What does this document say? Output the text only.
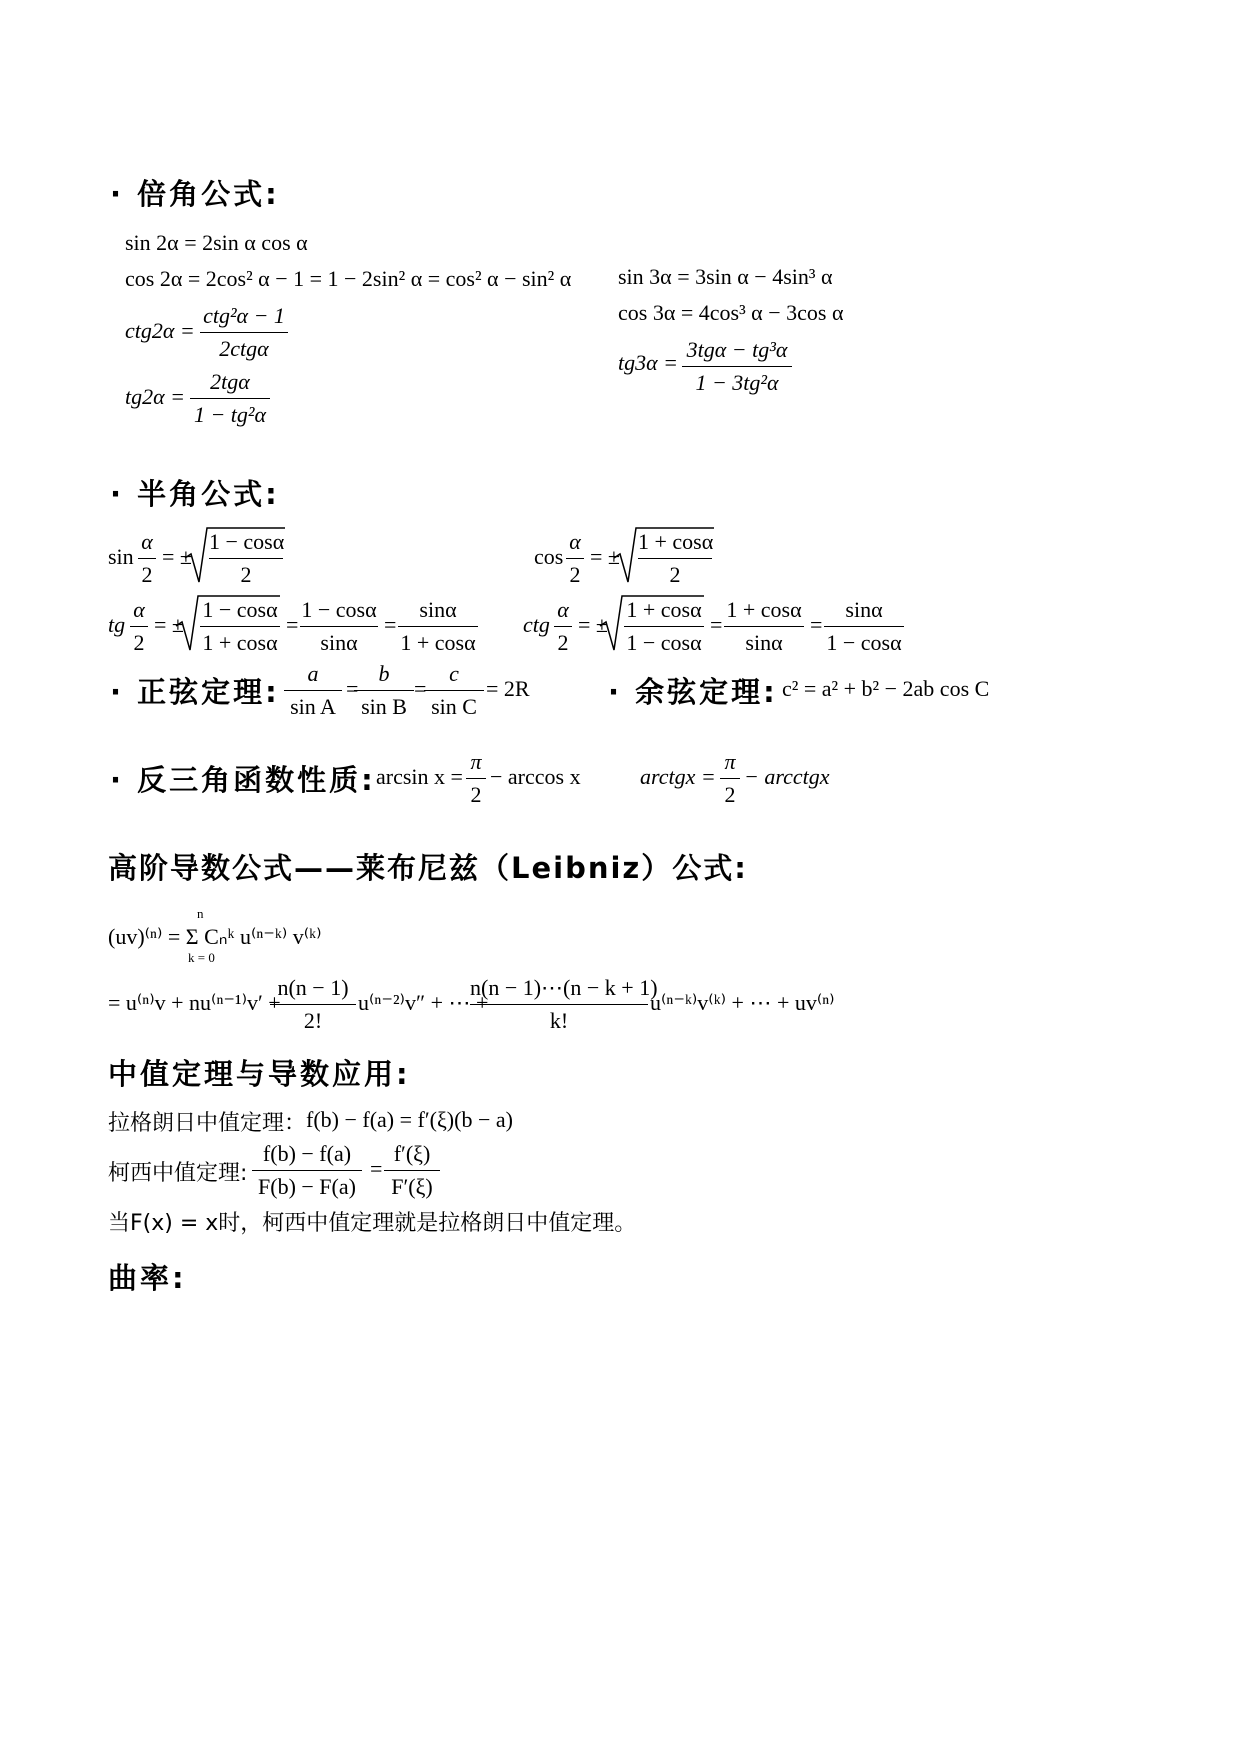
· 倍角公式:
sin 2α = 2sin α cos α
cos 2α = 2cos² α − 1 = 1 − 2sin² α = cos² α − sin² α
ctg2α =
ctg²α − 1
2ctgα
tg2α =
2tgα
1 − tg²α
sin 3α = 3sin α − 4sin³ α
cos 3α = 4cos³ α − 3cos α
tg3α =
3tgα − tg³α
1 − 3tg²α
· 半角公式:
sin
α
2
= ±
1 − cosα
2
cos
α
2
= ±
1 + cosα
2
tg
α
2
= ±
1 − cosα
1 + cosα
=
1 − cosα
sinα
=
sinα
1 + cosα
ctg
α
2
= ±
1 + cosα
1 − cosα
=
1 + cosα
sinα
=
sinα
1 − cosα
· 正弦定理:
a
sin A
=
b
sin B
=
c
sin C
= 2R	· 余弦定理: c² = a² + b² − 2ab cos C
· 反三角函数性质: arcsin x =
π
2
− arccos x	arctgx =
π
2
− arcctgx
高阶导数公式——莱布尼兹（Leibniz）公式:
n
(uv)⁽ⁿ⁾ = Σ Cₙᵏ u⁽ⁿ⁻ᵏ⁾ v⁽ᵏ⁾
k = 0
= u⁽ⁿ⁾v + nu⁽ⁿ⁻¹⁾v′ +
n(n − 1)
2!
u⁽ⁿ⁻²⁾v″ + ⋯ +
n(n − 1)⋯(n − k + 1)
k!
u⁽ⁿ⁻ᵏ⁾v⁽ᵏ⁾ + ⋯ + uv⁽ⁿ⁾
中值定理与导数应用:
拉格朗日中值定理： f(b) − f(a) = f′(ξ)(b − a)
柯西中值定理:
f(b) − f(a)
F(b) − F(a)
=
f′(ξ)
F′(ξ)
当F(x) = x时，柯西中值定理就是拉格朗日中值定理。
曲率:
